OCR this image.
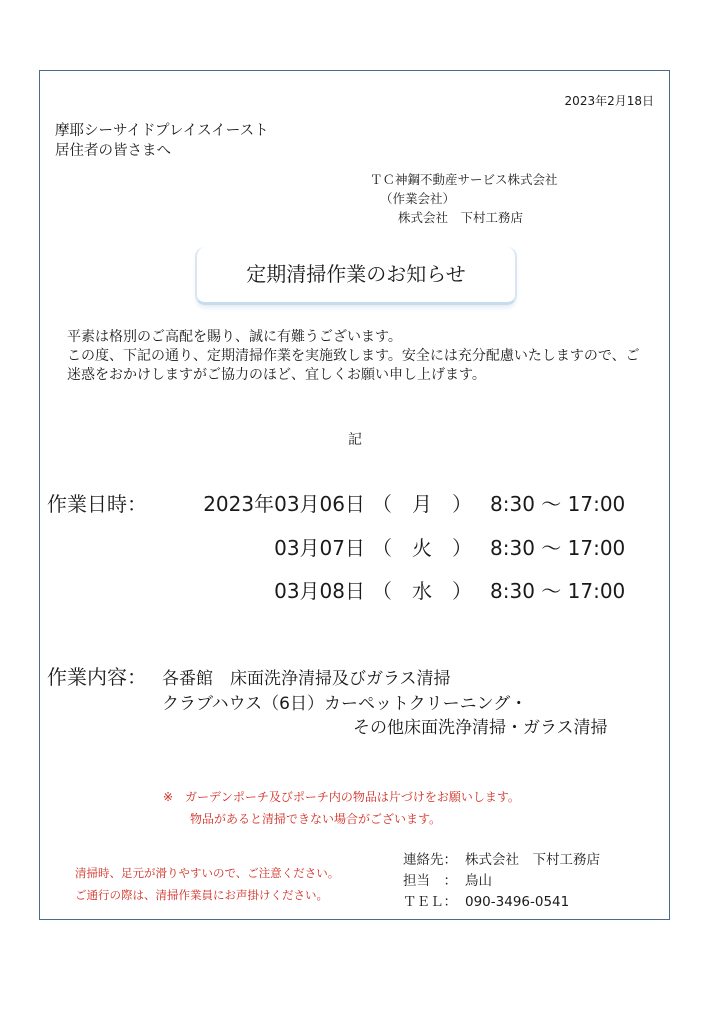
2023年2月18日
摩耶シーサイドプレイスイースト
居住者の皆さまへ
ＴＣ神鋼不動産サービス株式会社
（作業会社）
株式会社　下村工務店
定期清掃作業のお知らせ

平素は格別のご高配を賜り、誠に有難うございます。

この度、下記の通り、定期清掃作業を実施致します。安全には充分配慮いたしますので、ご迷惑をおかけしますがご協力のほど、宜しくお願い申し上げます。

記
作業日時：	2023年03月06日 （　月　） 8:30 ～ 17:00
03月07日 （　火　） 8:30 ～ 17:00
03月08日 （　水　） 8:30 ～ 17:00
作業内容： 各番館　床面洗浄清掃及びガラス清掃
クラブハウス（6日）カーペットクリーニング・
その他床面洗浄清掃・ガラス清掃
※　ガーデンポーチ及びポーチ内の物品は片づけをお願いします。
物品があると清掃できない場合がございます。
清掃時、足元が滑りやすいので、ご注意ください。
ご通行の際は、清掃作業員にお声掛けください。
連絡先：	株式会社　下村工務店
担当　：	鳥山
ＴＥＬ：	090-3496-0541
